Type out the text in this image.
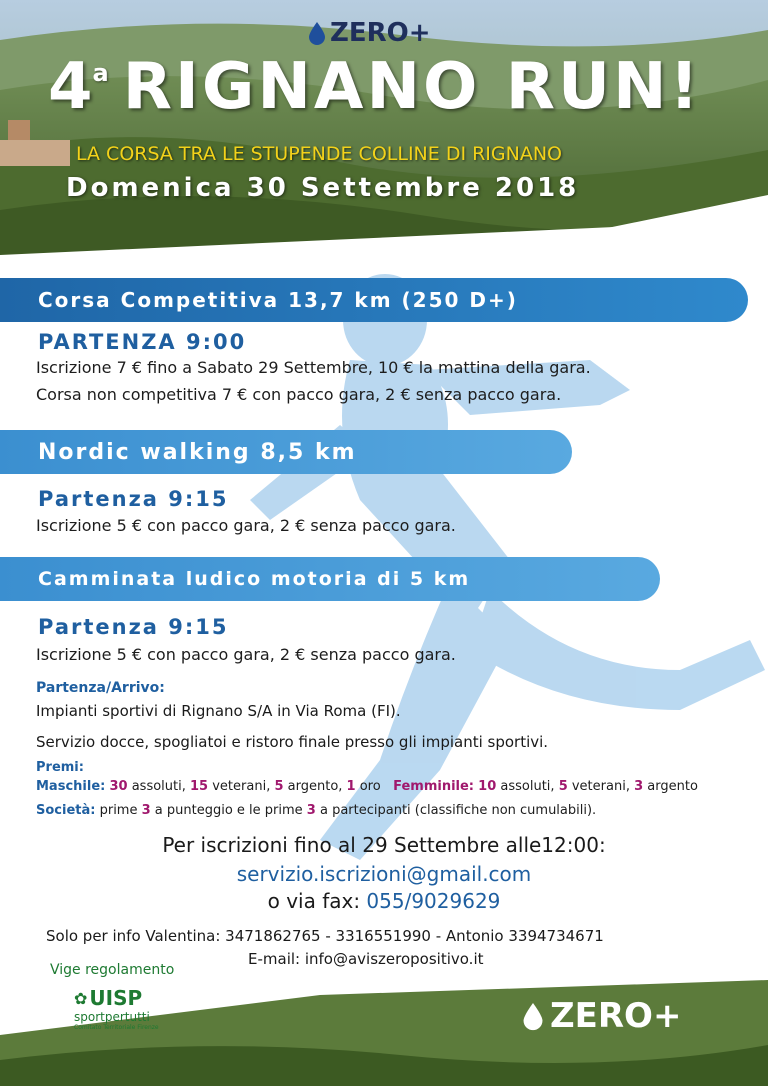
ZERO+
4 a RIGNANO RUN!
LA CORSA TRA LE STUPENDE COLLINE DI RIGNANO
Domenica 30 Settembre 2018
Corsa Competitiva 13,7 km (250 D+)
PARTENZA 9:00
Iscrizione 7 € fino a Sabato 29 Settembre, 10 € la mattina della gara.
Corsa non competitiva 7 € con pacco gara, 2 € senza pacco gara.
Nordic walking 8,5 km
Partenza 9:15
Iscrizione 5 € con pacco gara, 2 € senza pacco gara.
Camminata ludico motoria di 5 km
Partenza 9:15
Iscrizione 5 € con pacco gara, 2 € senza pacco gara.
Partenza/Arrivo:
Impianti sportivi di Rignano S/A in Via Roma (FI).
Servizio docce, spogliatoi e ristoro finale presso gli impianti sportivi.
Premi:
Maschile: 30 assoluti, 15 veterani, 5 argento, 1 oro Femminile: 10 assoluti, 5 veterani, 3 argento
Società: prime 3 a punteggio e le prime 3 a partecipanti (classifiche non cumulabili).
Per iscrizioni fino al 29 Settembre alle12:00:
servizio.iscrizioni@gmail.com
o via fax: 055/9029629
Solo per info Valentina: 3471862765 - 3316551990 - Antonio 3394734671
E-mail: info@aviszeropositivo.it
Vige regolamento
✿ UISP
sportpertutti
Comitato Territoriale Firenze	ZERO+
